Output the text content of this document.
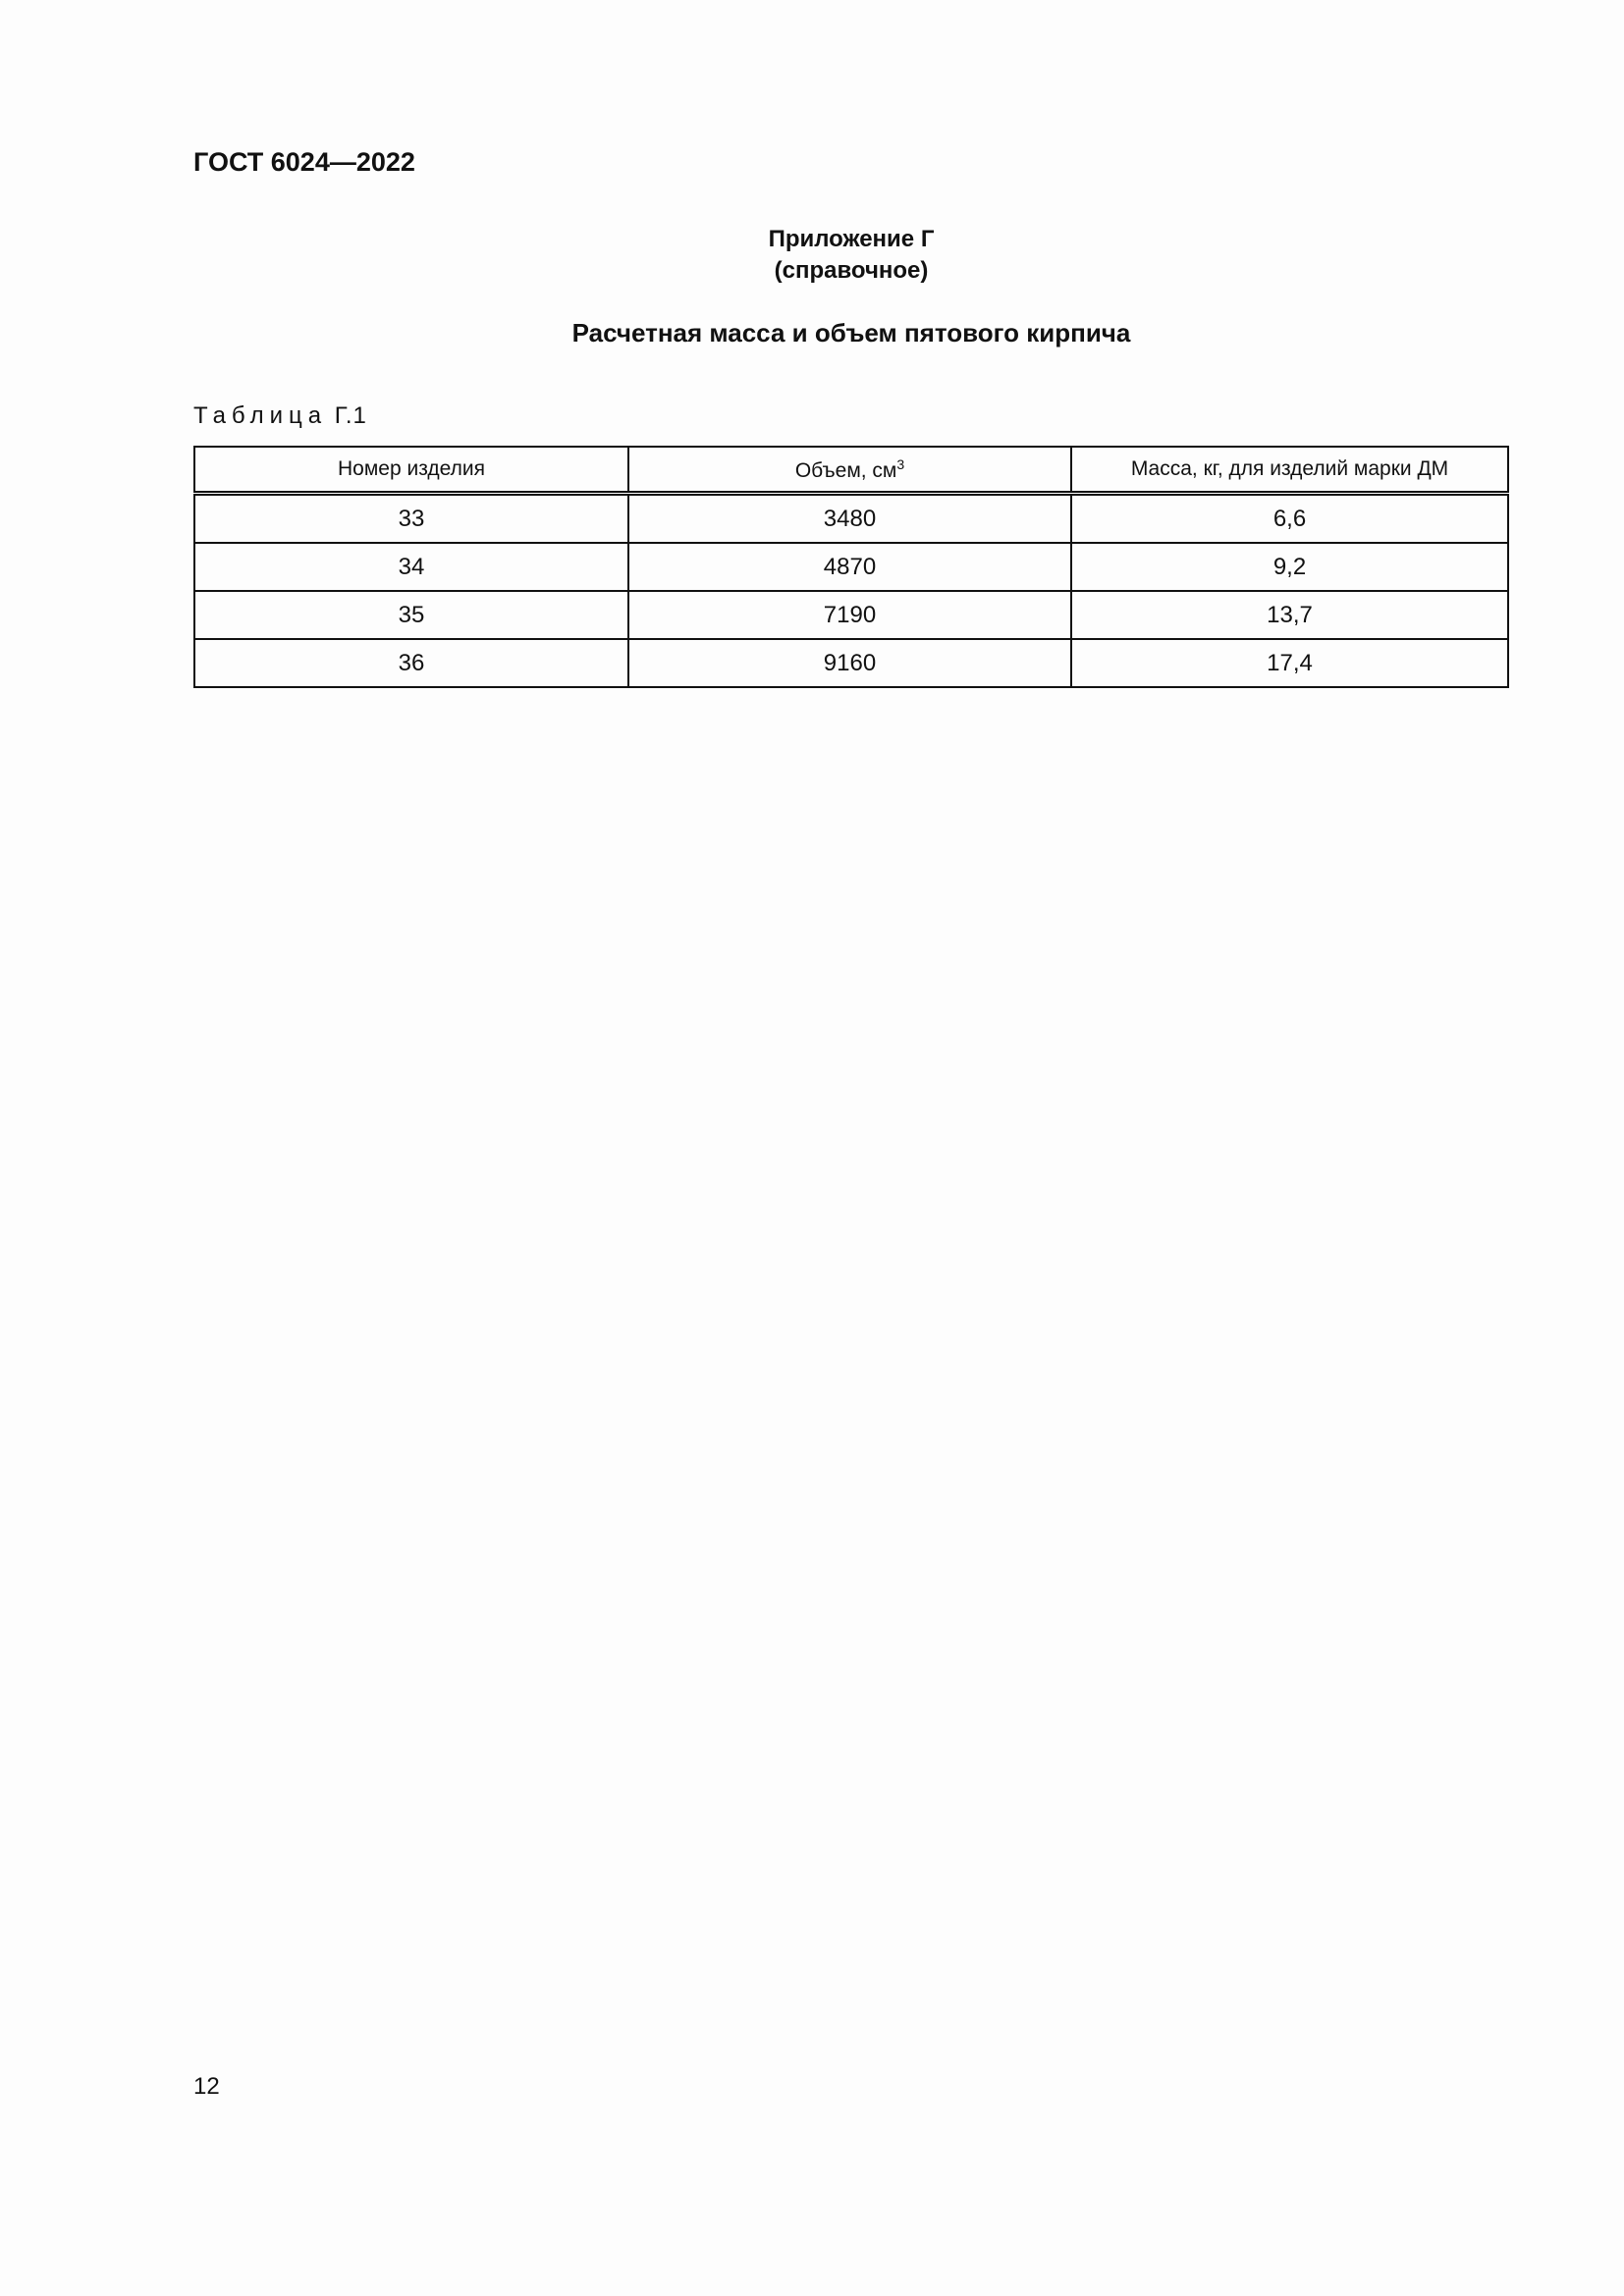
ГОСТ 6024—2022
Приложение Г
(справочное)
Расчетная масса и объем пятового кирпича
Таблица Г.1
Номер изделия	Объем, $см^3$	Масса, кг, для изделий марки ДМ
33	3480	6,6
34	4870	9,2
35	7190	13,7
36	9160	17,4
12
